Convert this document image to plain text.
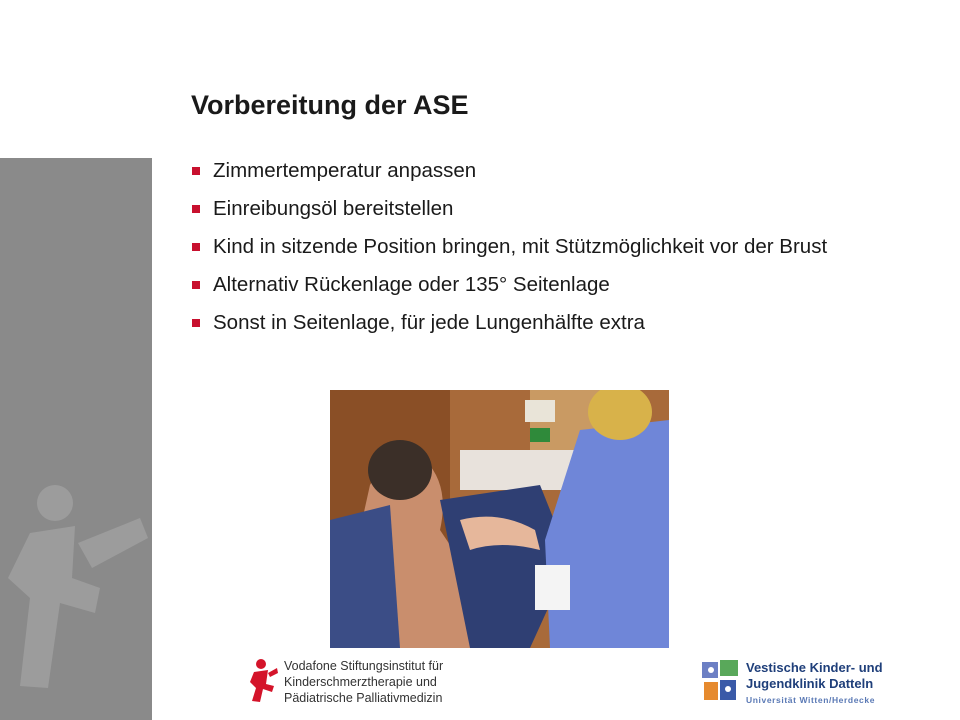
Vorbereitung der ASE
Zimmertemperatur anpassen
Einreibungsöl bereitstellen
Kind in sitzende Position bringen, mit Stützmöglichkeit vor der Brust
Alternativ Rückenlage oder 135° Seitenlage
Sonst in Seitenlage, für jede Lungenhälfte extra
Vodafone Stiftungsinstitut für
Kinderschmerztherapie und
Pädiatrische Palliativmedizin
Vestische Kinder- und
Jugendklinik Datteln
Universität Witten/Herdecke
